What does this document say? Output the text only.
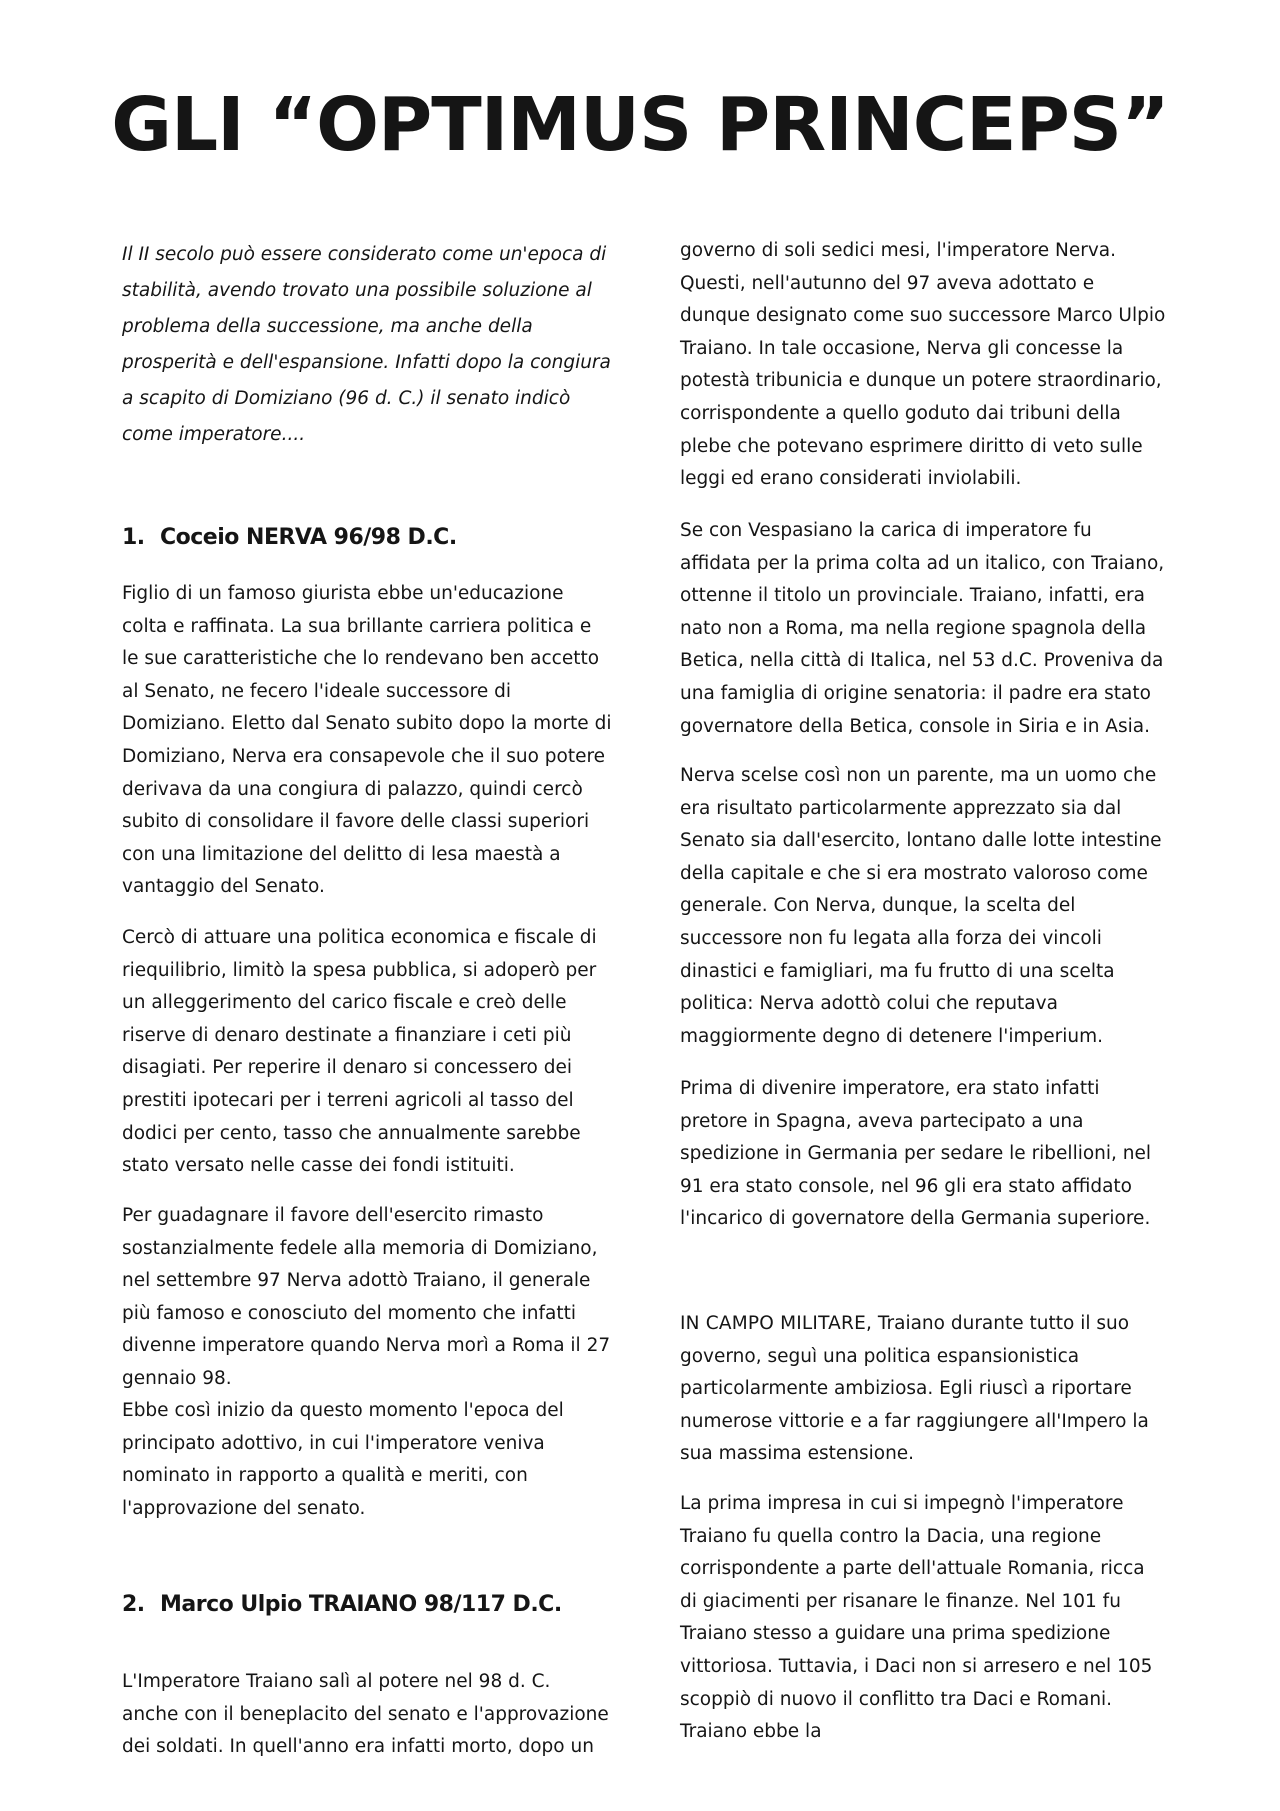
GLI “OPTIMUS PRINCEPS”
Il II secolo può essere considerato come un'epoca di stabilità, avendo trovato una possibile soluzione al problema della successione, ma anche della prosperità e dell'espansione. Infatti dopo la congiura a scapito di Domiziano (96 d. C.) il senato indicò come imperatore....
1. Coceio NERVA 96/98 D.C.

Figlio di un famoso giurista ebbe un'educazione colta e raffinata. La sua brillante carriera politica e le sue caratteristiche che lo rendevano ben accetto al Senato, ne fecero l'ideale successore di Domiziano. Eletto dal Senato subito dopo la morte di Domiziano, Nerva era consapevole che il suo potere derivava da una congiura di palazzo, quindi cercò subito di consolidare il favore delle classi superiori con una limitazione del delitto di lesa maestà a vantaggio del Senato.

Cercò di attuare una politica economica e fiscale di riequilibrio, limitò la spesa pubblica, si adoperò per un alleggerimento del carico fiscale e creò delle riserve di denaro destinate a finanziare i ceti più disagiati. Per reperire il denaro si concessero dei prestiti ipotecari per i terreni agricoli al tasso del dodici per cento, tasso che annualmente sarebbe stato versato nelle casse dei fondi istituiti.

Per guadagnare il favore dell'esercito rimasto sostanzialmente fedele alla memoria di Domiziano, nel settembre 97 Nerva adottò Traiano, il generale più famoso e conosciuto del momento che infatti divenne imperatore quando Nerva morì a Roma il 27 gennaio 98.

Ebbe così inizio da questo momento l'epoca del principato adottivo, in cui l'imperatore veniva nominato in rapporto a qualità e meriti, con l'approvazione del senato.

L'Imperatore Traiano salì al potere nel 98 d. C. anche con il beneplacito del senato e l'approvazione dei soldati. In quell'anno era infatti morto, dopo un

2. Marco Ulpio TRAIANO 98/117 D.C.

governo di soli sedici mesi, l'imperatore Nerva. Questi, nell'autunno del 97 aveva adottato e dunque designato come suo successore Marco Ulpio Traiano. In tale occasione, Nerva gli concesse la potestà tribunicia e dunque un potere straordinario, corrispondente a quello goduto dai tribuni della plebe che potevano esprimere diritto di veto sulle leggi ed erano considerati inviolabili.

Se con Vespasiano la carica di imperatore fu affidata per la prima colta ad un italico, con Traiano, ottenne il titolo un provinciale. Traiano, infatti, era nato non a Roma, ma nella regione spagnola della Betica, nella città di Italica, nel 53 d.C. Proveniva da una famiglia di origine senatoria: il padre era stato governatore della Betica, console in Siria e in Asia.

Nerva scelse così non un parente, ma un uomo che era risultato particolarmente apprezzato sia dal Senato sia dall'esercito, lontano dalle lotte intestine della capitale e che si era mostrato valoroso come generale. Con Nerva, dunque, la scelta del successore non fu legata alla forza dei vincoli dinastici e famigliari, ma fu frutto di una scelta politica: Nerva adottò colui che reputava maggiormente degno di detenere l'imperium.

Prima di divenire imperatore, era stato infatti pretore in Spagna, aveva partecipato a una spedizione in Germania per sedare le ribellioni, nel 91 era stato console, nel 96 gli era stato affidato l'incarico di governatore della Germania superiore.

IN CAMPO MILITARE, Traiano durante tutto il suo governo, seguì una politica espansionistica particolarmente ambiziosa. Egli riuscì a riportare numerose vittorie e a far raggiungere all'Impero la sua massima estensione.

La prima impresa in cui si impegnò l'imperatore Traiano fu quella contro la Dacia, una regione corrispondente a parte dell'attuale Romania, ricca di giacimenti per risanare le finanze. Nel 101 fu Traiano stesso a guidare una prima spedizione vittoriosa. Tuttavia, i Daci non si arresero e nel 105 scoppiò di nuovo il conflitto tra Daci e Romani. Traiano ebbe la
